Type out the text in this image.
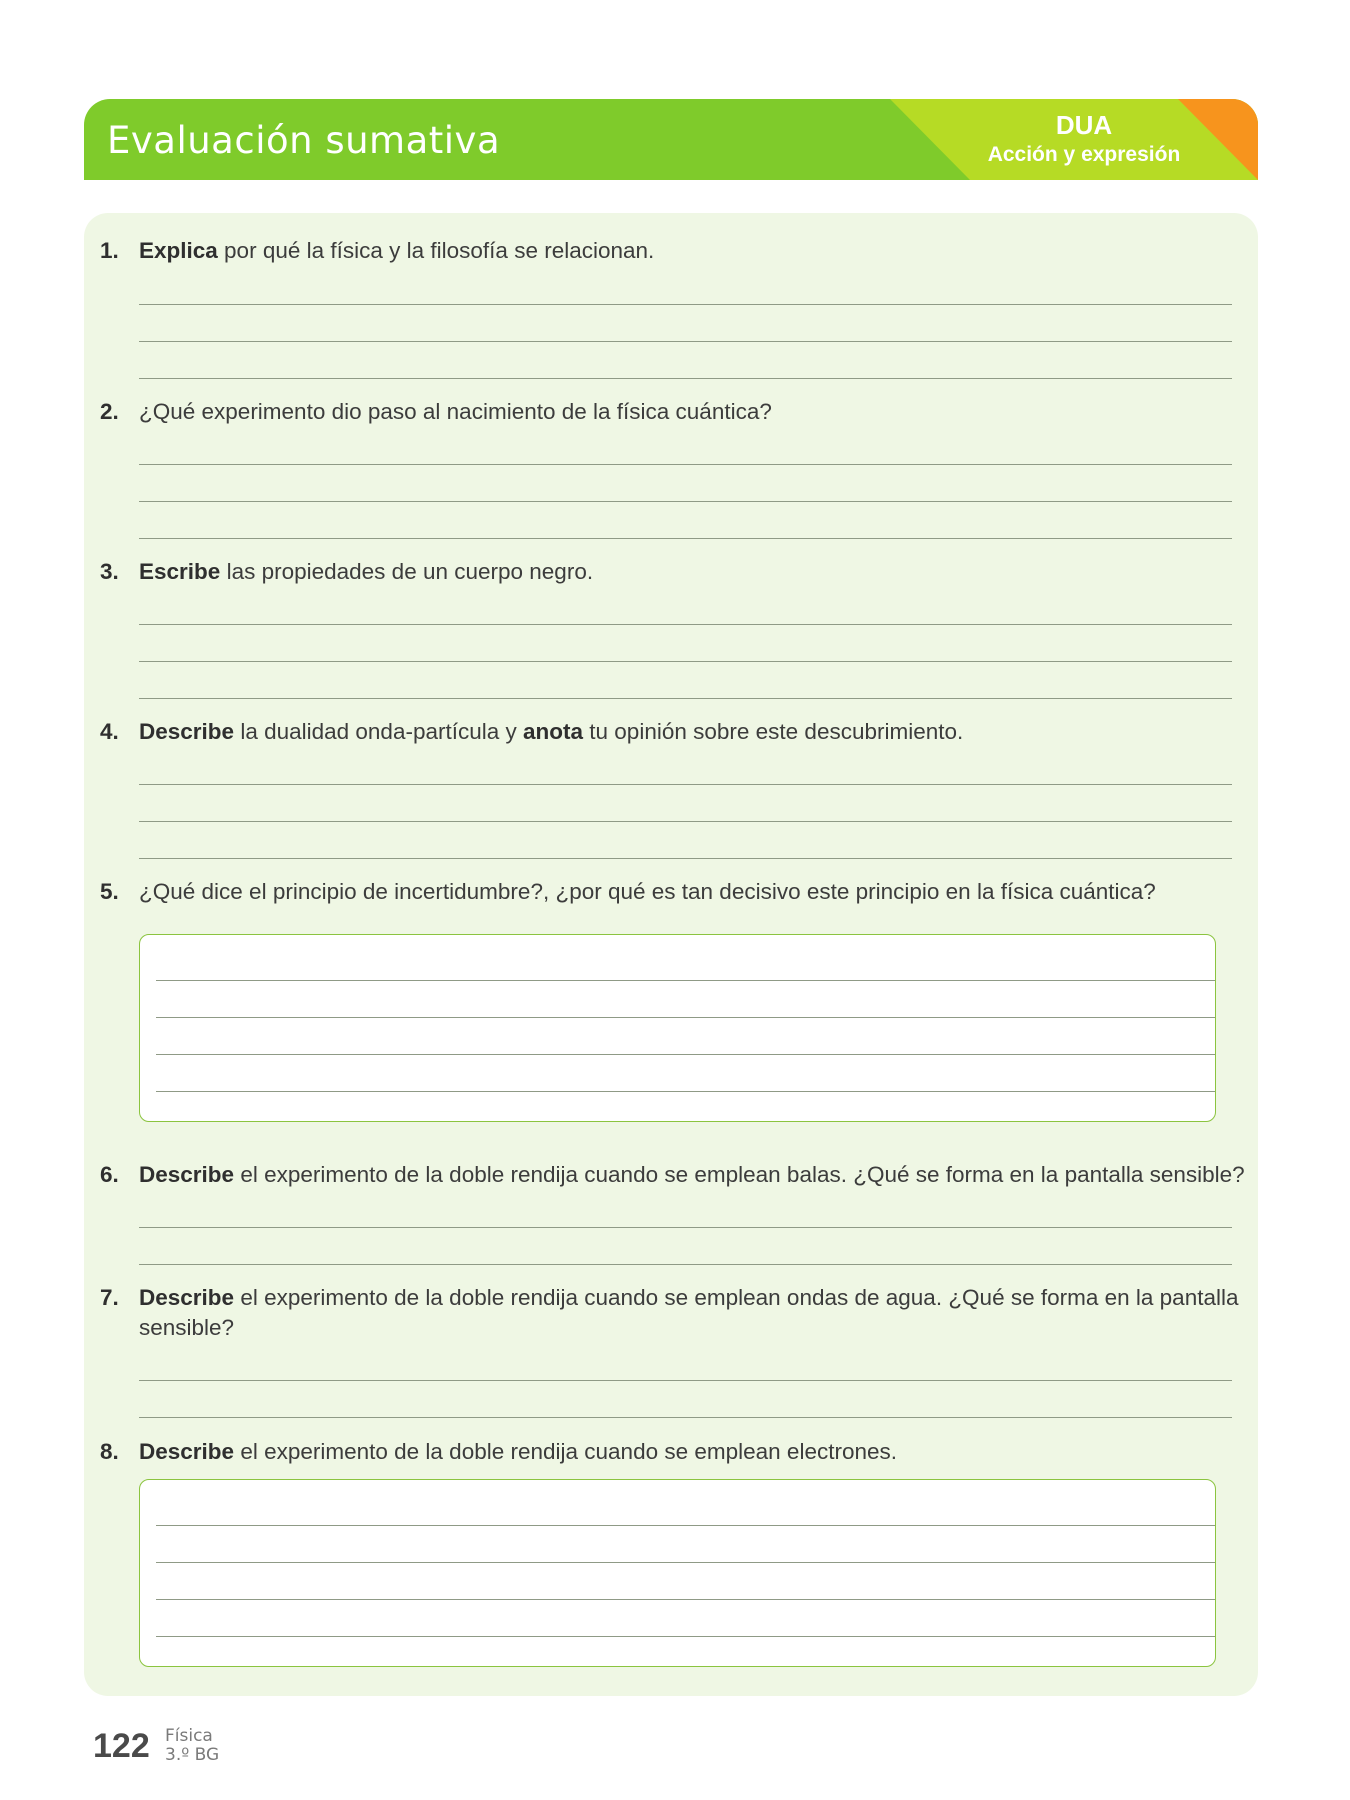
Evaluación sumativa	DUA
Acción y expresión
1. Explica por qué la física y la filosofía se relacionan.
2. ¿Qué experimento dio paso al nacimiento de la física cuántica?
3. Escribe las propiedades de un cuerpo negro.
4. Describe la dualidad onda-partícula y anota tu opinión sobre este descubrimiento.
5. ¿Qué dice el principio de incertidumbre?, ¿por qué es tan decisivo este principio en la física cuántica?
6. Describe el experimento de la doble rendija cuando se emplean balas. ¿Qué se forma en la pantalla sensible?
7. Describe el experimento de la doble rendija cuando se emplean ondas de agua. ¿Qué se forma en la pantalla sensible?
8. Describe el experimento de la doble rendija cuando se emplean electrones.
122 Física
3.º BG
